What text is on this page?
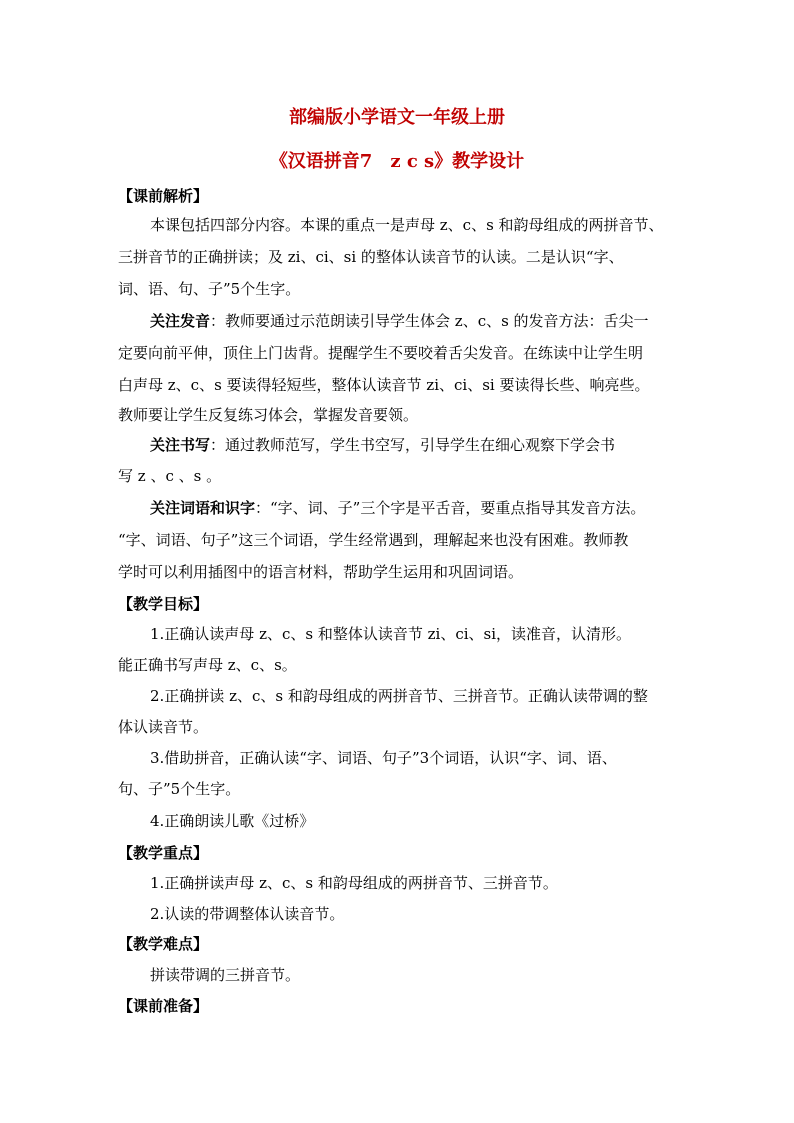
部编版小学语文一年级上册
《汉语拼音7　z c s》教学设计
【课前解析】
本课包括四部分内容。本课的重点一是声母 z、c、s 和韵母组成的两拼音节、
三拼音节的正确拼读；及 zi、ci、si 的整体认读音节的认读。二是认识“字、
词、语、句、子”5个生字。
关注发音：教师要通过示范朗读引导学生体会 z、c、s 的发音方法：舌尖一
定要向前平伸，顶住上门齿背。提醒学生不要咬着舌尖发音。在练读中让学生明
白声母 z、c、s 要读得轻短些，整体认读音节 zi、ci、si 要读得长些、响亮些。
教师要让学生反复练习体会，掌握发音要领。
关注书写：通过教师范写，学生书空写，引导学生在细心观察下学会书
写 z 、c 、s 。
关注词语和识字：“字、词、子”三个字是平舌音，要重点指导其发音方法。
“字、词语、句子”这三个词语，学生经常遇到，理解起来也没有困难。教师教
学时可以利用插图中的语言材料，帮助学生运用和巩固词语。
【教学目标】
1.正确认读声母 z、c、s 和整体认读音节 zi、ci、si，读准音，认清形。
能正确书写声母 z、c、s。
2.正确拼读 z、c、s 和韵母组成的两拼音节、三拼音节。正确认读带调的整
体认读音节。
3.借助拼音，正确认读“字、词语、句子”3个词语，认识“字、词、语、
句、子”5个生字。
4.正确朗读儿歌《过桥》
【教学重点】
1.正确拼读声母 z、c、s 和韵母组成的两拼音节、三拼音节。
2.认读的带调整体认读音节。
【教学难点】
拼读带调的三拼音节。
【课前准备】
